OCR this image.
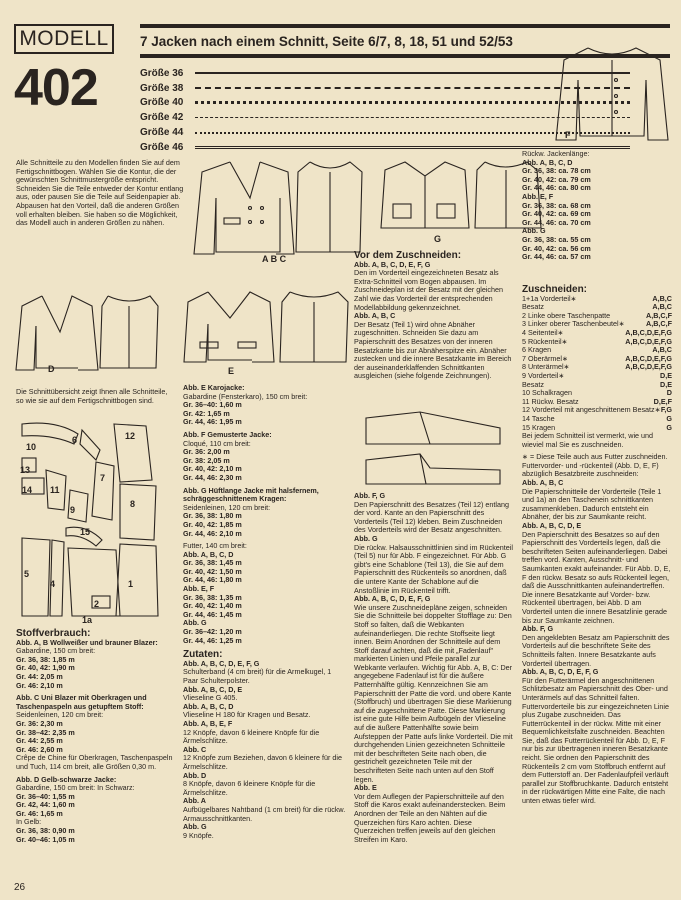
MODELL
402
7 Jacken nach einem Schnitt, Seite 6/7, 8, 18, 51 und 52/53
Größe 36
Größe 38
Größe 40
Größe 42
Größe 44
Größe 46

Alle Schnitteile zu den Modellen finden Sie auf dem Fertigschnittbogen. Wählen Sie die Kontur, die der gewünschten Schnittmustergröße entspricht. Schneiden Sie die Teile entweder der Kontur entlang aus, oder pausen Sie die Teile auf Seidenpapier ab. Abpausen hat den Vorteil, daß die anderen Größen voll erhalten bleiben. Sie haben so die Möglichkeit, das Modell auch in anderen Größen zu nähen.

F
A B C
G
D	E

Die Schnittübersicht zeigt Ihnen alle Schnitteile, so wie sie auf dem Fertigschnittbogen sind.

10
6	12
7
8
13
14 11
9
15
5
4
2
1
1a

Stoffverbrauch:

Abb. A, B Wollweißer und brauner Blazer:

Gabardine, 150 cm breit:

Gr. 36, 38: 1,85 m

Gr. 40, 42: 1,90 m

Gr. 44: 2,05 m

Gr. 46: 2,10 m

Abb. C Uni Blazer mit Oberkragen und Taschenpaspeln aus getupftem Stoff:

Seidenleinen, 120 cm breit:

Gr. 36: 2,30 m

Gr. 38–42: 2,35 m

Gr. 44: 2,55 m

Gr. 46: 2,60 m

Crêpe de Chine für Oberkragen, Taschenpaspeln und Tuch, 114 cm breit, alle Größen 0,30 m.

Abb. D Gelb-schwarze Jacke:

Gabardine, 150 cm breit: In Schwarz:

Gr. 36–40: 1,55 m

Gr. 42, 44: 1,60 m

Gr. 46: 1,65 m

In Gelb:

Gr. 36, 38: 0,90 m

Gr. 40–46: 1,05 m

Abb. E Karojacke:

Gabardine (Fensterkaro), 150 cm breit:

Gr. 36–40: 1,60 m

Gr. 42: 1,65 m

Gr. 44, 46: 1,95 m

Abb. F Gemusterte Jacke:

Cloqué, 110 cm breit:

Gr. 36: 2,00 m

Gr. 38: 2,05 m

Gr. 40, 42: 2,10 m

Gr. 44, 46: 2,30 m

Abb. G Hüftlange Jacke mit halsfernem, schräggeschnittenem Kragen:

Seidenleinen, 120 cm breit:

Gr. 36, 38: 1,80 m

Gr. 40, 42: 1,85 m

Gr. 44, 46: 2,10 m

Futter, 140 cm breit:

Abb. A, B, C, D

Gr. 36, 38: 1,45 m

Gr. 40, 42: 1,50 m

Gr. 44, 46: 1,80 m

Abb. E, F

Gr. 36, 38: 1,35 m

Gr. 40, 42: 1,40 m

Gr. 44, 46: 1,45 m

Abb. G

Gr. 36–42: 1,20 m

Gr. 44, 46: 1,25 m

Zutaten:

Abb. A, B, C, D, E, F, G

Schulterband (4 cm breit) für die Armelkugel, 1 Paar Schulterpolster.

Abb. A, B, C, D, E

Vlieseline G 405.

Abb. A, B, C, D

Vlieseline H 180 für Kragen und Besatz.

Abb. A, B, E, F

12 Knöpfe, davon 6 kleinere Knöpfe für die Ärmelschlitze.

Abb. C

12 Knöpfe zum Beziehen, davon 6 kleinere für die Ärmelschlitze.

Abb. D

8 Knöpfe, davon 6 kleinere Knöpfe für die Ärmelschlitze.

Abb. A

Aufbügelbares Nahtband (1 cm breit) für die rückw. Armausschnittkanten.

Abb. G

9 Knöpfe.

Vor dem Zuschneiden:

Abb. A, B, C, D, E, F, G

Den im Vorderteil eingezeichneten Besatz als Extra-Schnitteil vom Bogen abpausen. Im Zuschneideplan ist der Besatz mit der gleichen Zahl wie das Vorderteil der entsprechenden Modellabbildung gekennzeichnet.

Abb. A, B, C

Der Besatz (Teil 1) wird ohne Abnäher zugeschnitten. Schneiden Sie dazu am Papierschnitt des Besatzes von der inneren Besatzkante bis zur Abnäherspitze ein. Abnäher zustecken und die innere Besatzkante im Bereich der auseinanderklaffenden Schnittkanten ausgleichen (siehe folgende Zeichnungen).

Abb. F, G

Den Papierschnitt des Besatzes (Teil 12) entlang der vord. Kante an den Papierschnitt des Vorderteils (Teil 12) kleben. Beim Zuschneiden des Vorderteils wird der Besatz angeschnitten.

Abb. G

Die rückw. Halsausschnittlinien sind im Rückenteil (Teil 5) nur für Abb. F eingezeichnet. Für Abb. G gibt's eine Schablone (Teil 13), die Sie auf dem Papierschnitt des Rückenteils so anordnen, daß die untere Kante der Schablone auf die Anstoßlinie im Rückenteil trifft.

Abb. A, B, C, D, E, F, G

Wie unsere Zuschneidepläne zeigen, schneiden Sie die Schnitteile bei doppelter Stofflage zu: Den Stoff so falten, daß die Webkanten aufeinanderliegen. Die rechte Stoffseite liegt innen. Beim Anordnen der Schnitteile auf dem Stoff darauf achten, daß die mit „Fadenlauf" markierten Linien und Pfeile parallel zur Webkante verlaufen. Wichtig für Abb. A, B, C: Der angegebene Fadenlauf ist für die äußere Patternhälfte gültig. Kennzeichnen Sie am Papierschnitt der Patte die vord. und obere Kante (Stoffbruch) und übertragen Sie diese Markierung auf die zugeschnittene Patte. Diese Markierung ist eine gute Hilfe beim Aufbügeln der Vlieseline auf die äußere Pattenhälfte sowie beim Aufsteppen der Patte aufs linke Vorderteil. Die mit durchgehenden Linien gezeichneten Schnitteile mit der beschrifteten Seite nach oben, die gestrichelt gezeichneten Teile mit der beschrifteten Seite nach unten auf den Stoff legen.

Abb. E

Vor dem Auflegen der Papierschnitteile auf den Stoff die Karos exakt aufeinanderstecken. Beim Anordnen der Teile an den Nähten auf die Querzeichen fürs Karo achten. Diese Querzeichen treffen jeweils auf den gleichen Streifen im Karo.

Rückw. Jackenlänge:

Abb. A, B, C, D

Gr. 36, 38: ca. 78 cm

Gr. 40, 42: ca. 79 cm

Gr. 44, 46: ca. 80 cm

Abb. E, F

Gr. 36, 38: ca. 68 cm

Gr. 40, 42: ca. 69 cm

Gr. 44, 46: ca. 70 cm

Abb. G

Gr. 36, 38: ca. 55 cm

Gr. 40, 42: ca. 56 cm

Gr. 44, 46: ca. 57 cm

Zuschneiden:

1+1a Vorderteil∗	A,B,C
Besatz	A,B,C
2 Linke obere Taschenpatte	A,B,C,F
3 Linker oberer Taschenbeutel∗	A,B,C,F
4 Seitenteil∗	A,B,C,D,E,F,G
5 Rückenteil∗	A,B,C,D,E,F,G
6 Kragen	A,B,C
7 Oberärmel∗	A,B,C,D,E,F,G
8 Unterärmel∗	A,B,C,D,E,F,G
9 Vorderteil∗	D,E
Besatz	D,E
10 Schalkragen	D
11 Rückw. Besatz	D,E,F
12 Vorderteil mit angeschnittenem Besatz∗ F,G
14 Tasche	G
15 Kragen	G

Bei jedem Schnitteil ist vermerkt, wie und wieviel mal Sie es zuschneiden.

∗ = Diese Teile auch aus Futter zuschneiden. Futtervorder- und -rückenteil (Abb. D, E, F) abzüglich Besatzbreite zuschneiden:

Abb. A, B, C

Die Papierschnitteile der Vorderteile (Teile 1 und 1a) an den Taschenein schnittkanten zusammenkleben. Dadurch entsteht ein Abnäher, der bis zur Saumkante reicht.

Abb. A, B, C, D, E

Den Papierschnitt des Besatzes so auf den Papierschnitt des Vorderteils legen, daß die beschrifteten Seiten aufeinanderliegen. Dabei treffen vord. Kanten, Ausschnitt- und Saumkanten exakt aufeinander. Für Abb. D, E, F den rückw. Besatz so aufs Rückenteil legen, daß die Ausschnittkanten aufeinandertreffen. Die innere Besatzkante auf Vorder- bzw. Rückenteil übertragen, bei Abb. D am Vorderteil unten die innere Besatzlinie gerade bis zur Saumkante zeichnen.

Abb. F, G

Den angeklebten Besatz am Papierschnitt des Vorderteils auf die beschriftete Seite des Schnitteils falten. Innere Besatzkante aufs Vorderteil übertragen.

Abb. A, B, C, D, E, F, G

Für den Futterärmel den angeschnittenen Schlitzbesatz am Papierschnitt des Ober- und Unterärmels auf das Schnitteil falten. Futtervorderteile bis zur eingezeichneten Linie plus Zugabe zuschneiden. Das Futterrückenteil in der rückw. Mitte mit einer Bequemlichkeitsfalte zuschneiden. Beachten Sie, daß das Futterrückenteil für Abb. D, E, F nur bis zur übertragenen inneren Besatzkante reicht. Sie ordnen den Papierschnitt des Rückenteils 2 cm vom Stoffbruch entfernt auf dem Futterstoff an. Der Fadenlaufpfeil verläuft parallel zur Stoffbruchkante. Dadurch entsteht in der rückwärtigen Mitte eine Falte, die nach unten etwas tiefer wird.

26
